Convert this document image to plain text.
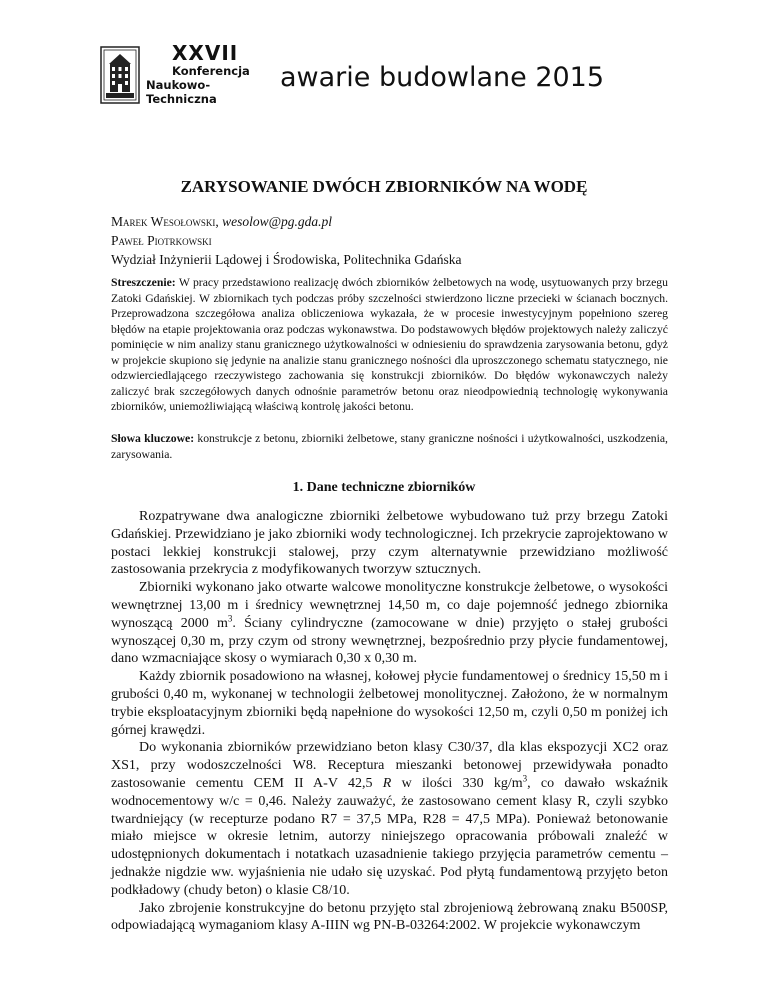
XXVII
Konferencja
Naukowo-Techniczna
awarie budowlane 2015
ZARYSOWANIE DWÓCH ZBIORNIKÓW NA WODĘ
Marek Wesołowski, wesolow@pg.gda.pl
Paweł Piotrkowski
Wydział Inżynierii Lądowej i Środowiska, Politechnika Gdańska
Streszczenie: W pracy przedstawiono realizację dwóch zbiorników żelbetowych na wodę, usytuowanych przy brzegu Zatoki Gdańskiej. W zbiornikach tych podczas próby szczelności stwierdzono liczne przecieki w ścianach bocznych. Przeprowadzona szczegółowa analiza obliczeniowa wykazała, że w procesie inwestycyjnym popełniono szereg błędów na etapie projektowania oraz podczas wykonawstwa. Do podstawowych błędów projektowych należy zaliczyć pominięcie w nim analizy stanu granicznego użytkowalności w odniesieniu do sprawdzenia zarysowania betonu, gdyż w projekcie skupiono się jedynie na analizie stanu granicznego nośności dla uproszczonego schematu statycznego, nie odzwierciedlającego rzeczywistego zachowania się konstrukcji zbiorników. Do błędów wykonawczych należy zaliczyć brak szczegółowych danych odnośnie parametrów betonu oraz nieodpowiednią technologię wykonywania zbiorników, uniemożliwiającą właściwą kontrolę jakości betonu.
Słowa kluczowe: konstrukcje z betonu, zbiorniki żelbetowe, stany graniczne nośności i użytkowalności, uszkodzenia, zarysowania.
1. Dane techniczne zbiorników

Rozpatrywane dwa analogiczne zbiorniki żelbetowe wybudowano tuż przy brzegu Zatoki Gdańskiej. Przewidziano je jako zbiorniki wody technologicznej. Ich przekrycie zaprojektowano w postaci lekkiej konstrukcji stalowej, przy czym alternatywnie przewidziano możliwość zastosowania przekrycia z modyfikowanych tworzyw sztucznych.

Zbiorniki wykonano jako otwarte walcowe monolityczne konstrukcje żelbetowe, o wysokości wewnętrznej 13,00 m i średnicy wewnętrznej 14,50 m, co daje pojemność jednego zbiornika wynoszącą 2000 $m^3$. Ściany cylindryczne (zamocowane w dnie) przyjęto o stałej grubości wynoszącej 0,30 m, przy czym od strony wewnętrznej, bezpośrednio przy płycie fundamentowej, dano wzmacniające skosy o wymiarach 0,30 x 0,30 m.

Każdy zbiornik posadowiono na własnej, kołowej płycie fundamentowej o średnicy 15,50 m i grubości 0,40 m, wykonanej w technologii żelbetowej monolitycznej. Założono, że w normalnym trybie eksploatacyjnym zbiorniki będą napełnione do wysokości 12,50 m, czyli 0,50 m poniżej ich górnej krawędzi.

Do wykonania zbiorników przewidziano beton klasy C30/37, dla klas ekspozycji XC2 oraz XS1, przy wodoszczelności W8. Receptura mieszanki betonowej przewidywała ponadto zastosowanie cementu CEM II A-V 42,5 R w ilości 330 $kg/m^3$, co dawało wskaźnik wodnocementowy w/c = 0,46. Należy zauważyć, że zastosowano cement klasy R, czyli szybko twardniejący (w recepturze podano R7 = 37,5 MPa, R28 = 47,5 MPa). Ponieważ betonowanie miało miejsce w okresie letnim, autorzy niniejszego opracowania próbowali znaleźć w udostępnionych dokumentach i notatkach uzasadnienie takiego przyjęcia parametrów cementu – jednakże nigdzie ww. wyjaśnienia nie udało się uzyskać. Pod płytą fundamentową przyjęto beton podkładowy (chudy beton) o klasie C8/10.

Jako zbrojenie konstrukcyjne do betonu przyjęto stal zbrojeniową żebrowaną znaku B500SP, odpowiadającą wymaganiom klasy A-IIIN wg PN-B-03264:2002. W projekcie wykonawczym
